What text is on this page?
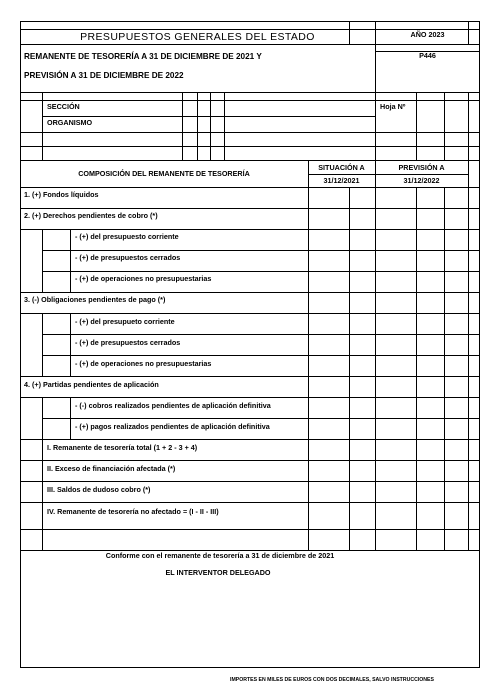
PRESUPUESTOS GENERALES DEL ESTADO	AÑO 2023
P446
REMANENTE DE TESORERÍA A 31 DE DICIEMBRE DE 2021 Y
PREVISIÓN A 31 DE DICIEMBRE DE 2022
SECCIÓN
ORGANISMO
Hoja Nº
COMPOSICIÓN DEL REMANENTE DE TESORERÍA
SITUACIÓN A
31/12/2021
PREVISIÓN A
31/12/2022
1. (+) Fondos líquidos
2. (+) Derechos pendientes de cobro (*)
- (+) del presupuesto corriente
- (+) de presupuestos cerrados
- (+) de operaciones no presupuestarias
3. (-) Obligaciones pendientes de pago (*)
- (+) del presupueto corriente
- (+) de presupuestos cerrados
- (+) de operaciones no presupuestarias
4. (+) Partidas pendientes de aplicación
- (-) cobros realizados pendientes de aplicación definitiva
- (+) pagos realizados pendientes de aplicación definitiva
I. Remanente de tesorería total (1 + 2 - 3 + 4)
II. Exceso de financiación afectada (*)
III. Saldos de dudoso cobro (*)
IV. Remanente de tesorería no afectado = (I - II - III)
Conforme con el remanente de tesorería a 31 de diciembre de 2021
EL INTERVENTOR DELEGADO
IMPORTES EN MILES DE EUROS CON DOS DECIMALES, SALVO INSTRUCCIONES
